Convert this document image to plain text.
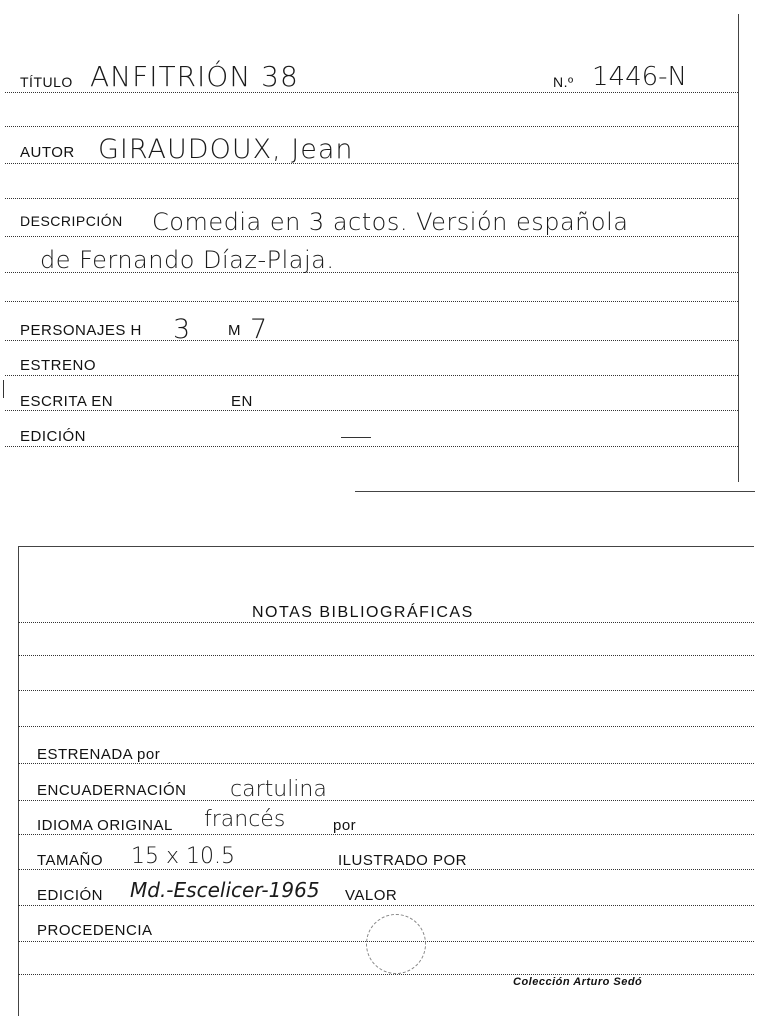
TÍTULO ANFITRIÓN 38	N.º 1446-N
AUTOR GIRAUDOUX, Jean
DESCRIPCIÓN Comedia en 3 actos. Versión española
de Fernando Díaz-Plaja.
PERSONAJES H 3	M 7
ESTRENO
ESCRITA EN	EN
EDICIÓN
NOTAS BIBLIOGRÁFICAS
ESTRENADA por
ENCUADERNACIÓN cartulina
IDIOMA ORIGINAL francés	por
TAMAÑO 15 x 10.5	ILUSTRADO POR
EDICIÓN Md.-Escelicer-1965 VALOR
PROCEDENCIA
Colección Arturo Sedó
